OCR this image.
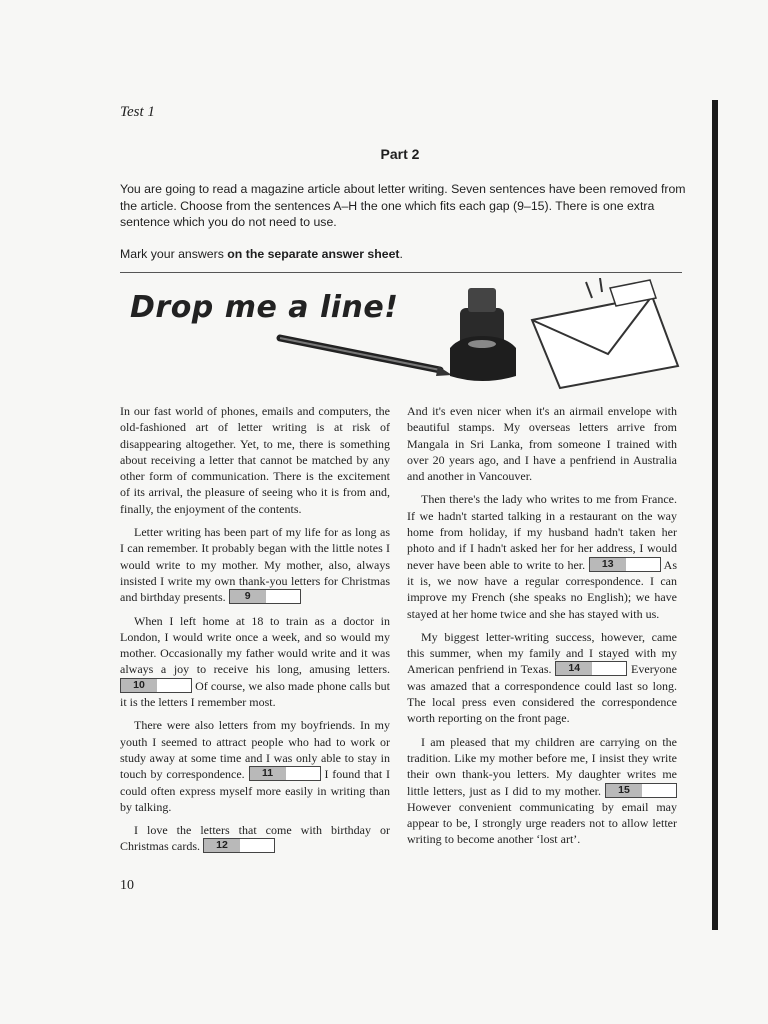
Test 1
Part 2

You are going to read a magazine article about letter writing. Seven sentences have been removed from the article. Choose from the sentences A–H the one which fits each gap (9–15). There is one extra sentence which you do not need to use.

Mark your answers on the separate answer sheet.

Drop me a line!

In our fast world of phones, emails and computers, the old-fashioned art of letter writing is at risk of disappearing altogether. Yet, to me, there is something about receiving a letter that cannot be matched by any other form of communication. There is the excitement of its arrival, the pleasure of seeing who it is from and, finally, the enjoyment of the contents.

Letter writing has been part of my life for as long as I can remember. It probably began with the little notes I would write to my mother. My mother, also, always insisted I write my own thank-you letters for Christmas and birthday presents.	9

When I left home at 18 to train as a doctor in London, I would write once a week, and so would my mother. Occasionally my father would write and it was always a joy to receive his long, amusing letters.
10	Of course, we also made phone calls but it is the letters I remember most.

There were also letters from my boyfriends. In my youth I seemed to attract people who had to work or study away at some time and I was only able to stay in touch by correspondence.	11	I found that I could often express myself more easily in writing than by talking.

I love the letters that come with birthday or Christmas cards.	12

And it's even nicer when it's an airmail envelope with beautiful stamps. My overseas letters arrive from Mangala in Sri Lanka, from someone I trained with over 20 years ago, and I have a penfriend in Australia and another in Vancouver.

Then there's the lady who writes to me from France. If we hadn't started talking in a restaurant on the way home from holiday, if my husband hadn't taken her photo and if I hadn't asked her for her address, I would never have been able to write to her.	13	As it is, we now have a regular correspondence. I can improve my French (she speaks no English); we have stayed at her home twice and she has stayed with us.

My biggest letter-writing success, however, came this summer, when my family and I stayed with my American penfriend in Texas.	14	Everyone was amazed that a correspondence could last so long. The local press even considered the correspondence worth reporting on the front page.

I am pleased that my children are carrying on the tradition. Like my mother before me, I insist they write their own thank-you letters. My daughter writes me little letters, just as I did to my mother.	15
However convenient communicating by email may appear to be, I strongly urge readers not to allow letter writing to become another ‘lost art’.

10
